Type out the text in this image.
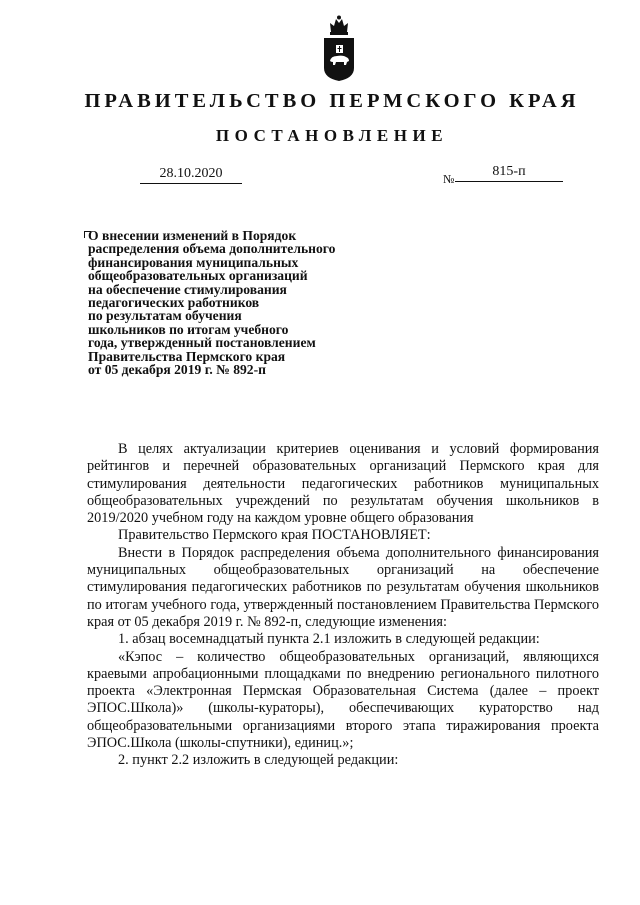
ПРАВИТЕЛЬСТВО ПЕРМСКОГО КРАЯ
ПОСТАНОВЛЕНИЕ
28.10.2020	№	815-п
О внесении изменений в Порядок
распределения объема дополнительного
финансирования муниципальных
общеобразовательных организаций
на обеспечение стимулирования
педагогических работников
по результатам обучения
школьников по итогам учебного
года, утвержденный постановлением
Правительства Пермского края
от 05 декабря 2019 г. № 892-п

В целях актуализации критериев оценивания и условий формирования рейтингов и перечней образовательных организаций Пермского края для стимулирования деятельности педагогических работников муниципальных общеобразовательных учреждений по результатам обучения школьников в 2019/2020 учебном году на каждом уровне общего образования

Правительство Пермского края ПОСТАНОВЛЯЕТ:

Внести в Порядок распределения объема дополнительного финансирования муниципальных общеобразовательных организаций на обеспечение стимулирования педагогических работников по результатам обучения школьников по итогам учебного года, утвержденный постановлением Правительства Пермского края от 05 декабря 2019 г. № 892-п, следующие изменения:

1. абзац восемнадцатый пункта 2.1 изложить в следующей редакции:

«Кэпос – количество общеобразовательных организаций, являющихся краевыми апробационными площадками по внедрению регионального пилотного проекта «Электронная Пермская Образовательная Система (далее – проект ЭПОС.Школа)» (школы-кураторы), обеспечивающих кураторство над общеобразовательными организациями второго этапа тиражирования проекта ЭПОС.Школа (школы-спутники), единиц.»;

2. пункт 2.2 изложить в следующей редакции:
